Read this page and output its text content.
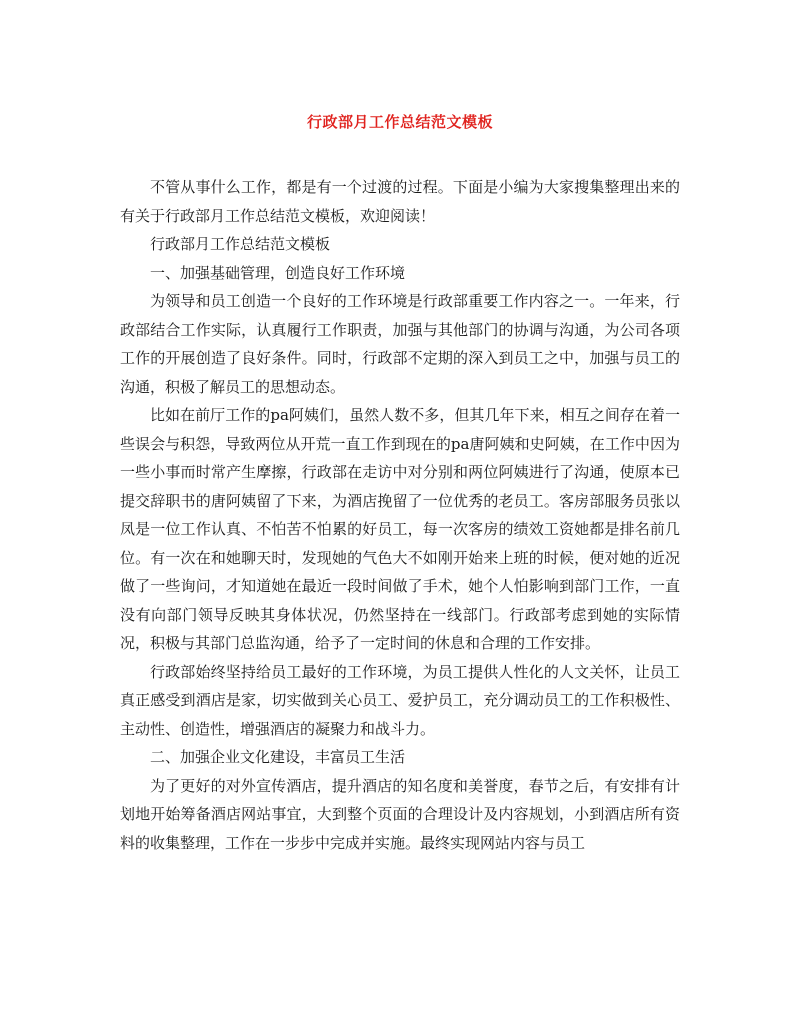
行政部月工作总结范文模板

不管从事什么工作，都是有一个过渡的过程。下面是小编为大家搜集整理出来的有关于行政部月工作总结范文模板，欢迎阅读！

行政部月工作总结范文模板

一、加强基础管理，创造良好工作环境

为领导和员工创造一个良好的工作环境是行政部重要工作内容之一。一年来，行政部结合工作实际，认真履行工作职责，加强与其他部门的协调与沟通，为公司各项工作的开展创造了良好条件。同时，行政部不定期的深入到员工之中，加强与员工的沟通，积极了解员工的思想动态。

比如在前厅工作的pa阿姨们，虽然人数不多，但其几年下来，相互之间存在着一些误会与积怨，导致两位从开荒一直工作到现在的pa唐阿姨和史阿姨，在工作中因为一些小事而时常产生摩擦，行政部在走访中对分别和两位阿姨进行了沟通，使原本已提交辞职书的唐阿姨留了下来，为酒店挽留了一位优秀的老员工。客房部服务员张以凤是一位工作认真、不怕苦不怕累的好员工，每一次客房的绩效工资她都是排名前几位。有一次在和她聊天时，发现她的气色大不如刚开始来上班的时候，便对她的近况做了一些询问，才知道她在最近一段时间做了手术，她个人怕影响到部门工作，一直没有向部门领导反映其身体状况，仍然坚持在一线部门。行政部考虑到她的实际情况，积极与其部门总监沟通，给予了一定时间的休息和合理的工作安排。

行政部始终坚持给员工最好的工作环境，为员工提供人性化的人文关怀，让员工真正感受到酒店是家，切实做到关心员工、爱护员工，充分调动员工的工作积极性、主动性、创造性，增强酒店的凝聚力和战斗力。

二、加强企业文化建设，丰富员工生活

为了更好的对外宣传酒店，提升酒店的知名度和美誉度，春节之后，有安排有计划地开始筹备酒店网站事宜，大到整个页面的合理设计及内容规划，小到酒店所有资料的收集整理，工作在一步步中完成并实施。最终实现网站内容与员工
